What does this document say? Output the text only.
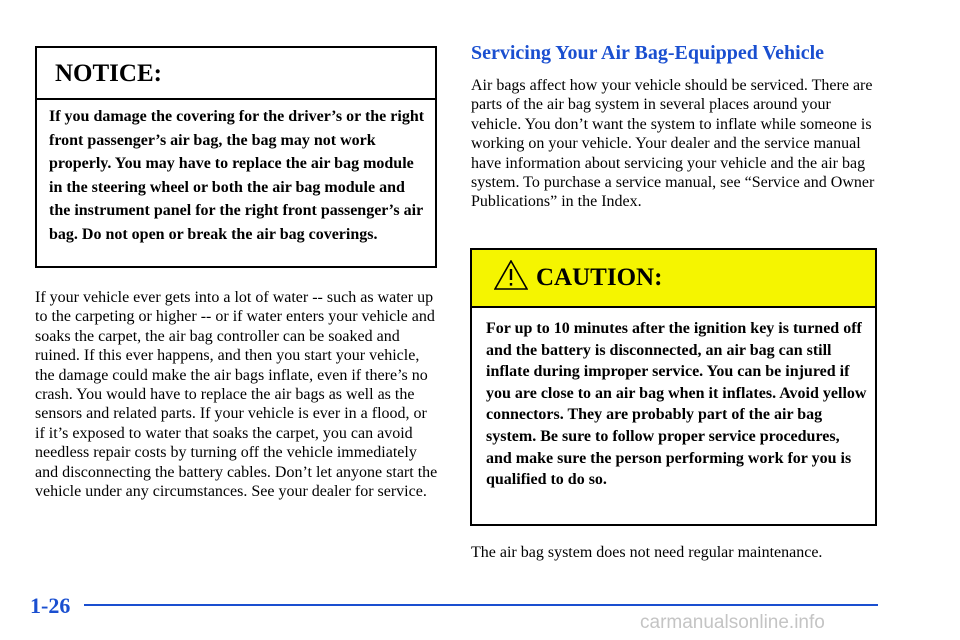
NOTICE:
If you damage the covering for the driver’s or the right front passenger’s air bag, the bag may not work properly. You may have to replace the air bag module in the steering wheel or both the air bag module and the instrument panel for the right front passenger’s air bag. Do not open or break the air bag coverings.
If your vehicle ever gets into a lot of water -- such as water up to the carpeting or higher -- or if water enters your vehicle and soaks the carpet, the air bag controller can be soaked and ruined. If this ever happens, and then you start your vehicle, the damage could make the air bags inflate, even if there’s no crash. You would have to replace the air bags as well as the sensors and related parts. If your vehicle is ever in a flood, or if it’s exposed to water that soaks the carpet, you can avoid needless repair costs by turning off the vehicle immediately and disconnecting the battery cables. Don’t let anyone start the vehicle under any circumstances. See your dealer for service.
Servicing Your Air Bag-Equipped Vehicle
Air bags affect how your vehicle should be serviced. There are parts of the air bag system in several places around your vehicle. You don’t want the system to inflate while someone is working on your vehicle. Your dealer and the service manual have information about servicing your vehicle and the air bag system. To purchase a service manual, see “Service and Owner Publications” in the Index.
CAUTION:
For up to 10 minutes after the ignition key is turned off and the battery is disconnected, an air bag can still inflate during improper service. You can be injured if you are close to an air bag when it inflates. Avoid yellow connectors. They are probably part of the air bag system. Be sure to follow proper service procedures, and make sure the person performing work for you is qualified to do so.
The air bag system does not need regular maintenance.
1-26
carmanualsonline.info
